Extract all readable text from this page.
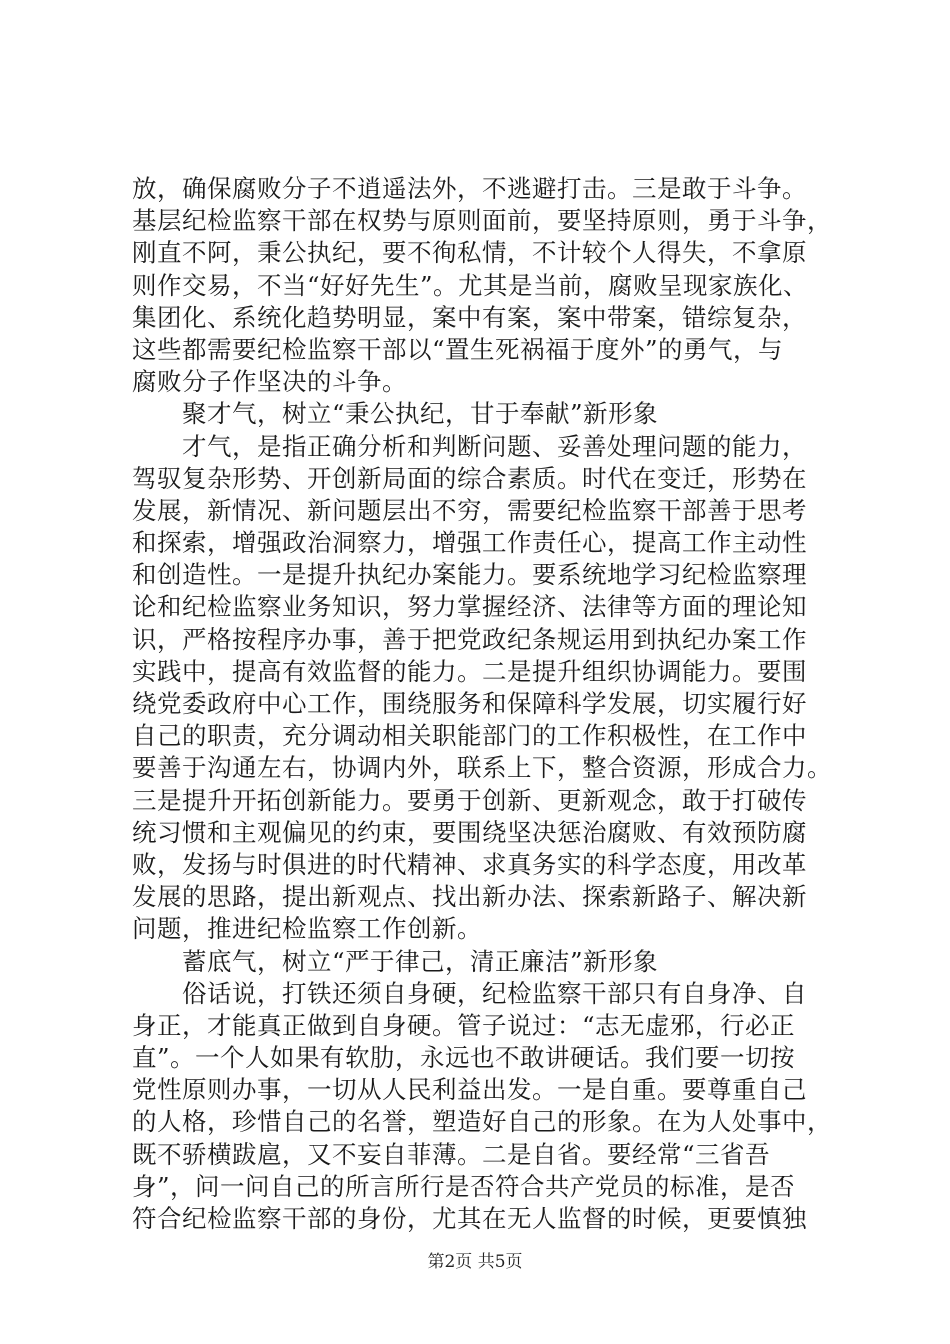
放，确保腐败分子不逍遥法外，不逃避打击。三是敢于斗争。
基层纪检监察干部在权势与原则面前，要坚持原则，勇于斗争，
刚直不阿，秉公执纪，要不徇私情，不计较个人得失，不拿原
则作交易，不当“好好先生”。尤其是当前，腐败呈现家族化、
集团化、系统化趋势明显，案中有案，案中带案，错综复杂，
这些都需要纪检监察干部以“置生死祸福于度外”的勇气，与
腐败分子作坚决的斗争。
　　聚才气，树立“秉公执纪，甘于奉献”新形象
　　才气，是指正确分析和判断问题、妥善处理问题的能力，
驾驭复杂形势、开创新局面的综合素质。时代在变迁，形势在
发展，新情况、新问题层出不穷，需要纪检监察干部善于思考
和探索，增强政治洞察力，增强工作责任心，提高工作主动性
和创造性。一是提升执纪办案能力。要系统地学习纪检监察理
论和纪检监察业务知识，努力掌握经济、法律等方面的理论知
识，严格按程序办事，善于把党政纪条规运用到执纪办案工作
实践中，提高有效监督的能力。二是提升组织协调能力。要围
绕党委政府中心工作，围绕服务和保障科学发展，切实履行好
自己的职责，充分调动相关职能部门的工作积极性，在工作中
要善于沟通左右，协调内外，联系上下，整合资源，形成合力。
三是提升开拓创新能力。要勇于创新、更新观念，敢于打破传
统习惯和主观偏见的约束，要围绕坚决惩治腐败、有效预防腐
败，发扬与时俱进的时代精神、求真务实的科学态度，用改革
发展的思路，提出新观点、找出新办法、探索新路子、解决新
问题，推进纪检监察工作创新。
　　蓄底气，树立“严于律己，清正廉洁”新形象
　　俗话说，打铁还须自身硬，纪检监察干部只有自身净、自
身正，才能真正做到自身硬。管子说过：“志无虚邪，行必正
直”。一个人如果有软肋，永远也不敢讲硬话。我们要一切按
党性原则办事，一切从人民利益出发。一是自重。要尊重自己
的人格，珍惜自己的名誉，塑造好自己的形象。在为人处事中，
既不骄横跋扈，又不妄自菲薄。二是自省。要经常“三省吾
身”，问一问自己的所言所行是否符合共产党员的标准，是否
符合纪检监察干部的身份，尤其在无人监督的时候，更要慎独
第2页 共5页
